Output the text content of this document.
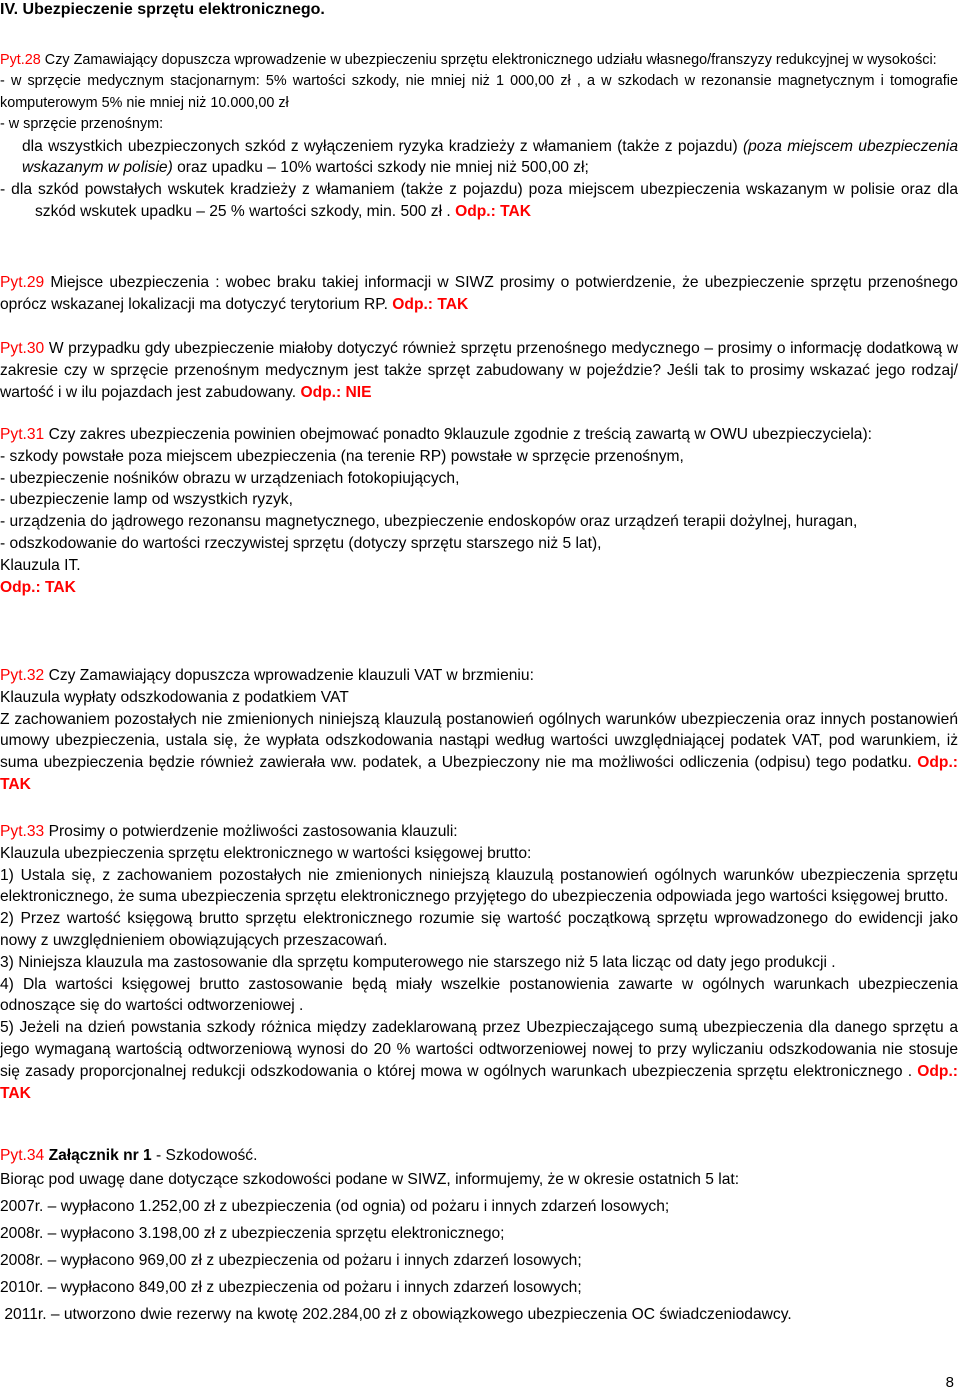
IV. Ubezpieczenie sprzętu elektronicznego.

Pyt.28 Czy Zamawiający dopuszcza wprowadzenie w ubezpieczeniu sprzętu elektronicznego udziału własnego/franszyzy redukcyjnej w wysokości:

- w sprzęcie medycznym stacjonarnym: 5% wartości szkody, nie mniej niż 1 000,00 zł , a w szkodach w rezonansie magnetycznym i tomografie komputerowym 5% nie mniej niż 10.000,00 zł

- w sprzęcie przenośnym:

dla wszystkich ubezpieczonych szkód z wyłączeniem ryzyka kradzieży z włamaniem (także z pojazdu) (poza miejscem ubezpieczenia wskazanym w polisie) oraz upadku – 10% wartości szkody nie mniej niż 500,00 zł;

- dla szkód powstałych wskutek kradzieży z włamaniem (także z pojazdu) poza miejscem ubezpieczenia wskazanym w polisie oraz dla szkód wskutek upadku – 25 % wartości szkody, min. 500 zł . Odp.: TAK

Pyt.29 Miejsce ubezpieczenia : wobec braku takiej informacji w SIWZ prosimy o potwierdzenie, że ubezpieczenie sprzętu przenośnego oprócz wskazanej lokalizacji ma dotyczyć terytorium RP. Odp.: TAK

Pyt.30 W przypadku gdy ubezpieczenie miałoby dotyczyć również sprzętu przenośnego medycznego – prosimy o informację dodatkową w zakresie czy w sprzęcie przenośnym medycznym jest także sprzęt zabudowany w pojeździe? Jeśli tak to prosimy wskazać jego rodzaj/ wartość i w ilu pojazdach jest zabudowany. Odp.: NIE

Pyt.31 Czy zakres ubezpieczenia powinien obejmować ponadto 9klauzule zgodnie z treścią zawartą w OWU ubezpieczyciela):

- szkody powstałe poza miejscem ubezpieczenia (na terenie RP) powstałe w sprzęcie przenośnym,

- ubezpieczenie nośników obrazu w urządzeniach fotokopiujących,

- ubezpieczenie lamp od wszystkich ryzyk,

- urządzenia do jądrowego rezonansu magnetycznego, ubezpieczenie endoskopów oraz urządzeń terapii dożylnej, huragan,

- odszkodowanie do wartości rzeczywistej sprzętu (dotyczy sprzętu starszego niż 5 lat),

Klauzula IT.

Odp.: TAK

Pyt.32 Czy Zamawiający dopuszcza wprowadzenie klauzuli VAT w brzmieniu:

Klauzula wypłaty odszkodowania z podatkiem VAT

Z zachowaniem pozostałych nie zmienionych niniejszą klauzulą postanowień ogólnych warunków ubezpieczenia oraz innych postanowień umowy ubezpieczenia, ustala się, że wypłata odszkodowania nastąpi według wartości uwzględniającej podatek VAT, pod warunkiem, iż suma ubezpieczenia będzie również zawierała ww. podatek, a Ubezpieczony nie ma możliwości odliczenia (odpisu) tego podatku. Odp.: TAK

Pyt.33 Prosimy o potwierdzenie możliwości zastosowania klauzuli:

Klauzula ubezpieczenia sprzętu elektronicznego w wartości księgowej brutto:

1) Ustala się, z zachowaniem pozostałych nie zmienionych niniejszą klauzulą postanowień ogólnych warunków ubezpieczenia sprzętu elektronicznego, że suma ubezpieczenia sprzętu elektronicznego przyjętego do ubezpieczenia odpowiada jego wartości księgowej brutto.

2) Przez wartość księgową brutto sprzętu elektronicznego rozumie się wartość początkową sprzętu wprowadzonego do ewidencji jako nowy z uwzględnieniem obowiązujących przeszacowań.

3) Niniejsza klauzula ma zastosowanie dla sprzętu komputerowego nie starszego niż 5 lata licząc od daty jego produkcji .

4) Dla wartości księgowej brutto zastosowanie będą miały wszelkie postanowienia zawarte w ogólnych warunkach ubezpieczenia odnoszące się do wartości odtworzeniowej .

5) Jeżeli na dzień powstania szkody różnica między zadeklarowaną przez Ubezpieczającego sumą ubezpieczenia dla danego sprzętu a jego wymaganą wartością odtworzeniową wynosi do 20 % wartości odtworzeniowej nowej to przy wyliczaniu odszkodowania nie stosuje się zasady proporcjonalnej redukcji odszkodowania o której mowa w ogólnych warunkach ubezpieczenia sprzętu elektronicznego . Odp.: TAK

Pyt.34 Załącznik nr 1 - Szkodowość.

Biorąc pod uwagę dane dotyczące szkodowości podane w SIWZ, informujemy, że w okresie ostatnich 5 lat:

2007r. – wypłacono 1.252,00 zł z ubezpieczenia (od ognia) od pożaru i innych zdarzeń losowych;

2008r. – wypłacono 3.198,00 zł z ubezpieczenia sprzętu elektronicznego;

2008r. – wypłacono 969,00 zł z ubezpieczenia od pożaru i innych zdarzeń losowych;

2010r. – wypłacono 849,00 zł z ubezpieczenia od pożaru i innych zdarzeń losowych;

2011r. – utworzono dwie rezerwy na kwotę 202.284,00 zł z obowiązkowego ubezpieczenia OC świadczeniodawcy.

8
